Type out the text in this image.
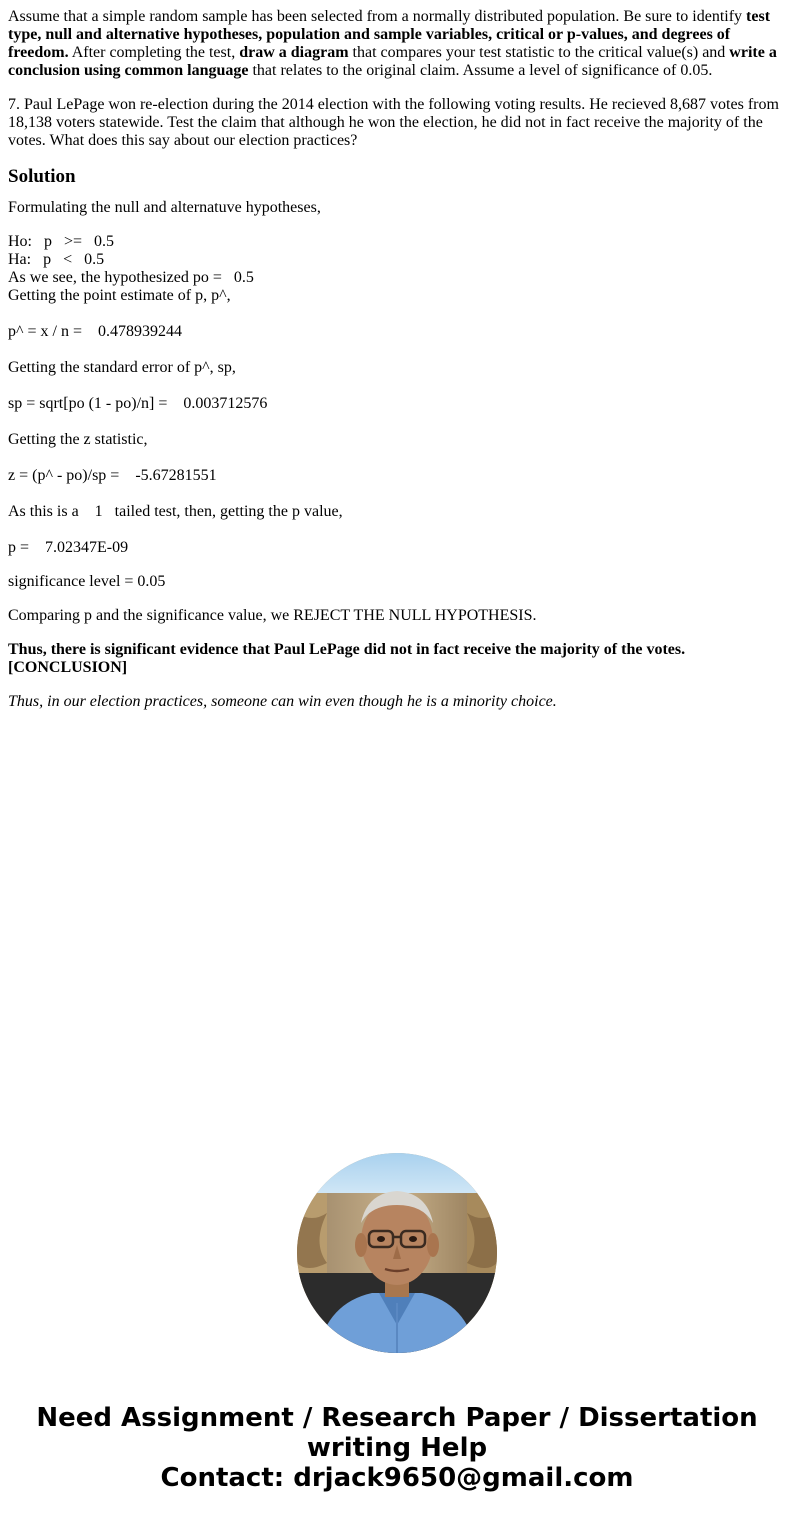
Assume that a simple random sample has been selected from a normally distributed population. Be sure to identify test type, null and alternative hypotheses, population and sample variables, critical or p-values, and degrees of freedom. After completing the test, draw a diagram that compares your test statistic to the critical value(s) and write a conclusion using common language that relates to the original claim. Assume a level of significance of 0.05.

7. Paul LePage won re-election during the 2014 election with the following voting results. He recieved 8,687 votes from 18,138 voters statewide. Test the claim that although he won the election, he did not in fact receive the majority of the votes. What does this say about our election practices?

Solution

Formulating the null and alternatuve hypotheses,

Ho:   p   >=   0.5
Ha:   p   <   0.5
As we see, the hypothesized po =   0.5
Getting the point estimate of p, p^,
p^ = x / n =    0.478939244
Getting the standard error of p^, sp,
sp = sqrt[po (1 - po)/n] =    0.003712576
Getting the z statistic,
z = (p^ - po)/sp =    -5.67281551
As this is a    1   tailed test, then, getting the p value,
p =    7.02347E-09

significance level = 0.05

Comparing p and the significance value, we REJECT THE NULL HYPOTHESIS.

Thus, there is significant evidence that Paul LePage did not in fact receive the majority of the votes. [CONCLUSION]

Thus, in our election practices, someone can win even though he is a minority choice.

Need Assignment / Research Paper / Dissertation
writing Help
Contact: drjack9650@gmail.com
